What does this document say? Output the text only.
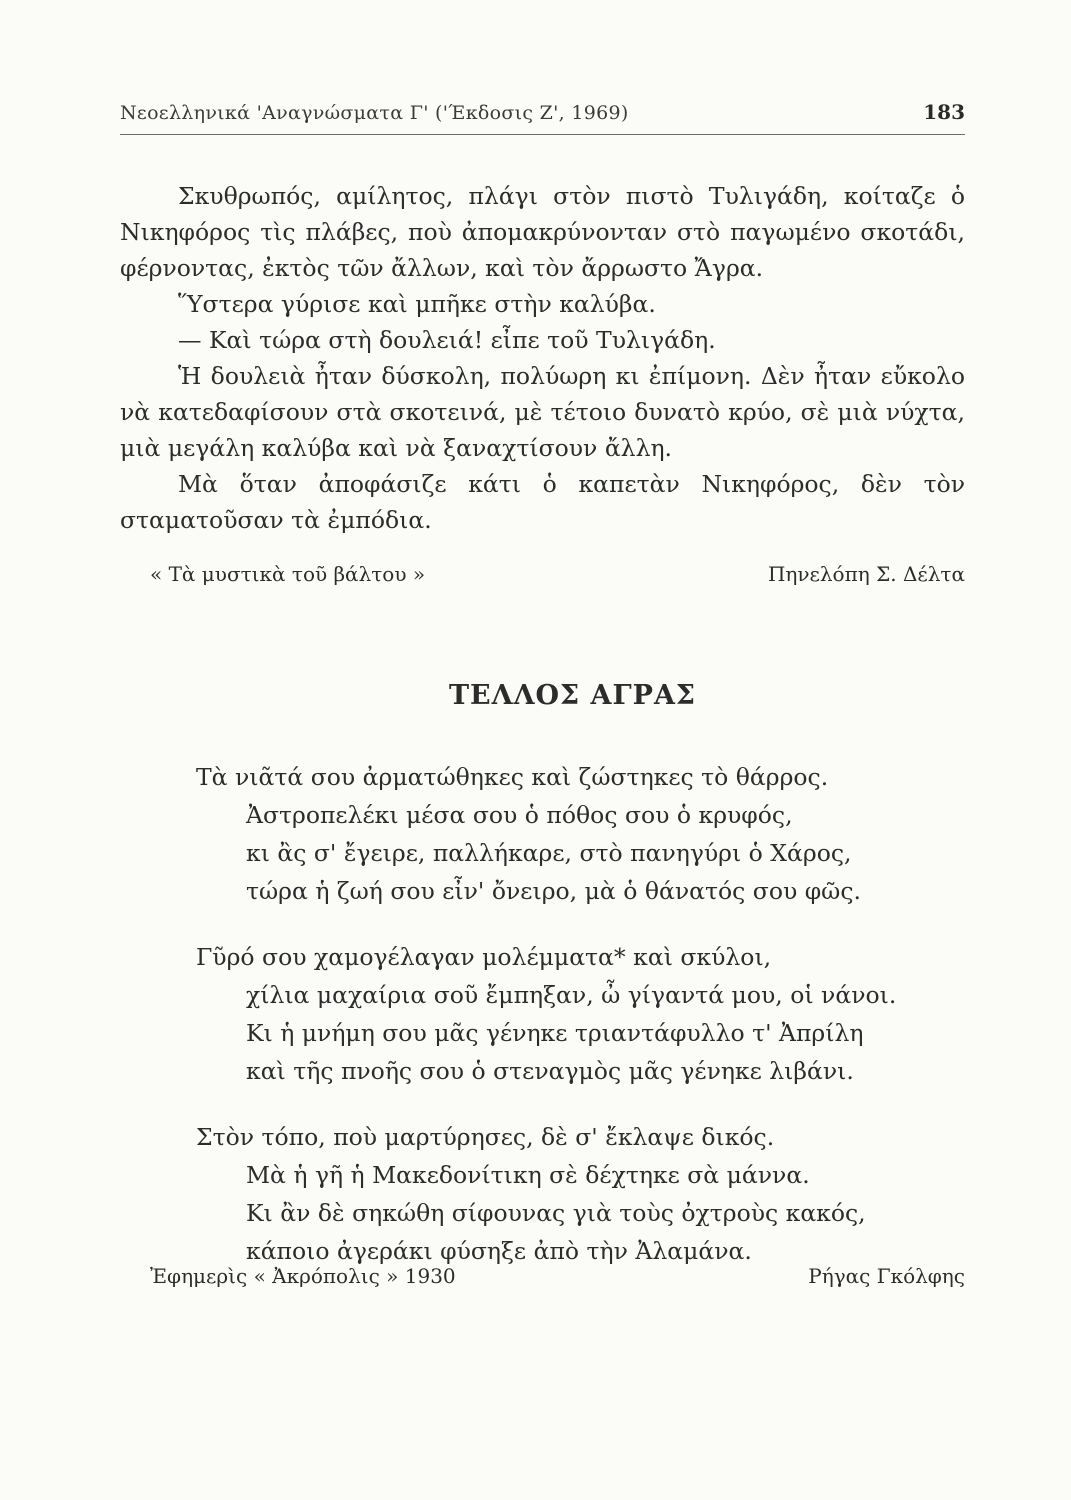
Νεοελληνικά 'Αναγνώσματα Γ' ('Έκδοσις Ζ', 1969)	183

Σκυθρωπός, αμίλητος, πλάγι στὸν πιστὸ Τυλιγάδη, κοίταζε ὁ Νικηφόρος τὶς πλάβες, ποὺ ἀπομακρύνονταν στὸ παγωμένο σκοτάδι, φέρνοντας, ἐκτὸς τῶν ἄλλων, καὶ τὸν ἄρρωστο Ἄγρα.

Ὕστερα γύρισε καὶ μπῆκε στὴν καλύβα.

— Καὶ τώρα στὴ δουλειά! εἶπε τοῦ Τυλιγάδη.

Ἡ δουλειὰ ἦταν δύσκολη, πολύωρη κι ἐπίμονη. Δὲν ἦταν εὔκολο νὰ κατεδαφίσουν στὰ σκοτεινά, μὲ τέτοιο δυνατὸ κρύο, σὲ μιὰ νύχτα, μιὰ μεγάλη καλύβα καὶ νὰ ξαναχτίσουν ἄλλη.

Μὰ ὅταν ἀποφάσιζε κάτι ὁ καπετὰν Νικηφόρος, δὲν τὸν σταματοῦσαν τὰ ἐμπόδια.

« Τὰ μυστικὰ τοῦ βάλτου »	Πηνελόπη Σ. Δέλτα
ΤΕΛΛΟΣ ΑΓΡΑΣ
Τὰ νιᾶτά σου ἀρματώθηκες καὶ ζώστηκες τὸ θάρρος.
Ἀστροπελέκι μέσα σου ὁ πόθος σου ὁ κρυφός,
κι ἂς σ' ἔγειρε, παλλήκαρε, στὸ πανηγύρι ὁ Χάρος,
τώρα ἡ ζωή σου εἶν' ὄνειρο, μὰ ὁ θάνατός σου φῶς.
Γῦρό σου χαμογέλαγαν μολέμματα* καὶ σκύλοι,
χίλια μαχαίρια σοῦ ἔμπηξαν, ὦ γίγαντά μου, οἱ νάνοι.
Κι ἡ μνήμη σου μᾶς γένηκε τριαντάφυλλο τ' Ἀπρίλη
καὶ τῆς πνοῆς σου ὁ στεναγμὸς μᾶς γένηκε λιβάνι.
Στὸν τόπο, ποὺ μαρτύρησες, δὲ σ' ἔκλαψε δικός.
Μὰ ἡ γῆ ἡ Μακεδονίτικη σὲ δέχτηκε σὰ μάννα.
Κι ἂν δὲ σηκώθη σίφουνας γιὰ τοὺς ὀχτροὺς κακός,
κάποιο ἀγεράκι φύσηξε ἀπὸ τὴν Ἀλαμάνα.
Ἐφημερὶς « Ἀκρόπολις » 1930	Ρήγας Γκόλφης
